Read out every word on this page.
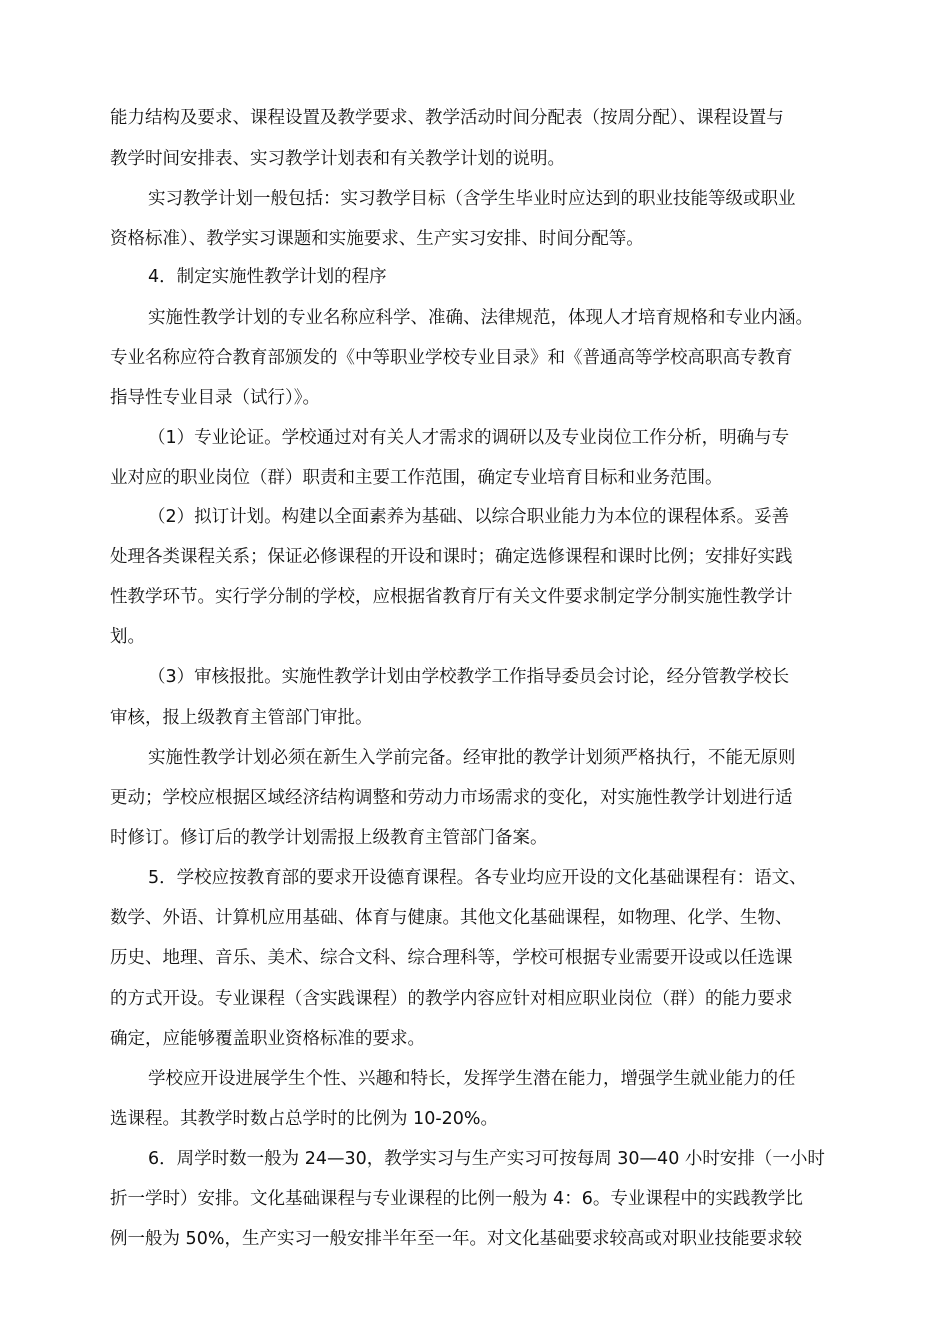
能力结构及要求、课程设置及教学要求、教学活动时间分配表（按周分配）、课程设置与
教学时间安排表、实习教学计划表和有关教学计划的说明。
实习教学计划一般包括：实习教学目标（含学生毕业时应达到的职业技能等级或职业
资格标准）、教学实习课题和实施要求、生产实习安排、时间分配等。
4．制定实施性教学计划的程序
实施性教学计划的专业名称应科学、准确、法律规范，体现人才培育规格和专业内涵。
专业名称应符合教育部颁发的《中等职业学校专业目录》和《普通高等学校高职高专教育
指导性专业目录（试行）》。
（1）专业论证。学校通过对有关人才需求的调研以及专业岗位工作分析，明确与专
业对应的职业岗位（群）职责和主要工作范围，确定专业培育目标和业务范围。
（2）拟订计划。构建以全面素养为基础、以综合职业能力为本位的课程体系。妥善
处理各类课程关系；保证必修课程的开设和课时；确定选修课程和课时比例；安排好实践
性教学环节。实行学分制的学校，应根据省教育厅有关文件要求制定学分制实施性教学计
划。
（3）审核报批。实施性教学计划由学校教学工作指导委员会讨论，经分管教学校长
审核，报上级教育主管部门审批。
实施性教学计划必须在新生入学前完备。经审批的教学计划须严格执行，不能无原则
更动；学校应根据区域经济结构调整和劳动力市场需求的变化，对实施性教学计划进行适
时修订。修订后的教学计划需报上级教育主管部门备案。
5．学校应按教育部的要求开设德育课程。各专业均应开设的文化基础课程有：语文、
数学、外语、计算机应用基础、体育与健康。其他文化基础课程，如物理、化学、生物、
历史、地理、音乐、美术、综合文科、综合理科等，学校可根据专业需要开设或以任选课
的方式开设。专业课程（含实践课程）的教学内容应针对相应职业岗位（群）的能力要求
确定，应能够覆盖职业资格标准的要求。
学校应开设进展学生个性、兴趣和特长，发挥学生潜在能力，增强学生就业能力的任
选课程。其教学时数占总学时的比例为 10-20%。
6．周学时数一般为 24—30，教学实习与生产实习可按每周 30—40 小时安排（一小时
折一学时）安排。文化基础课程与专业课程的比例一般为 4：6。专业课程中的实践教学比
例一般为 50%，生产实习一般安排半年至一年。对文化基础要求较高或对职业技能要求较
